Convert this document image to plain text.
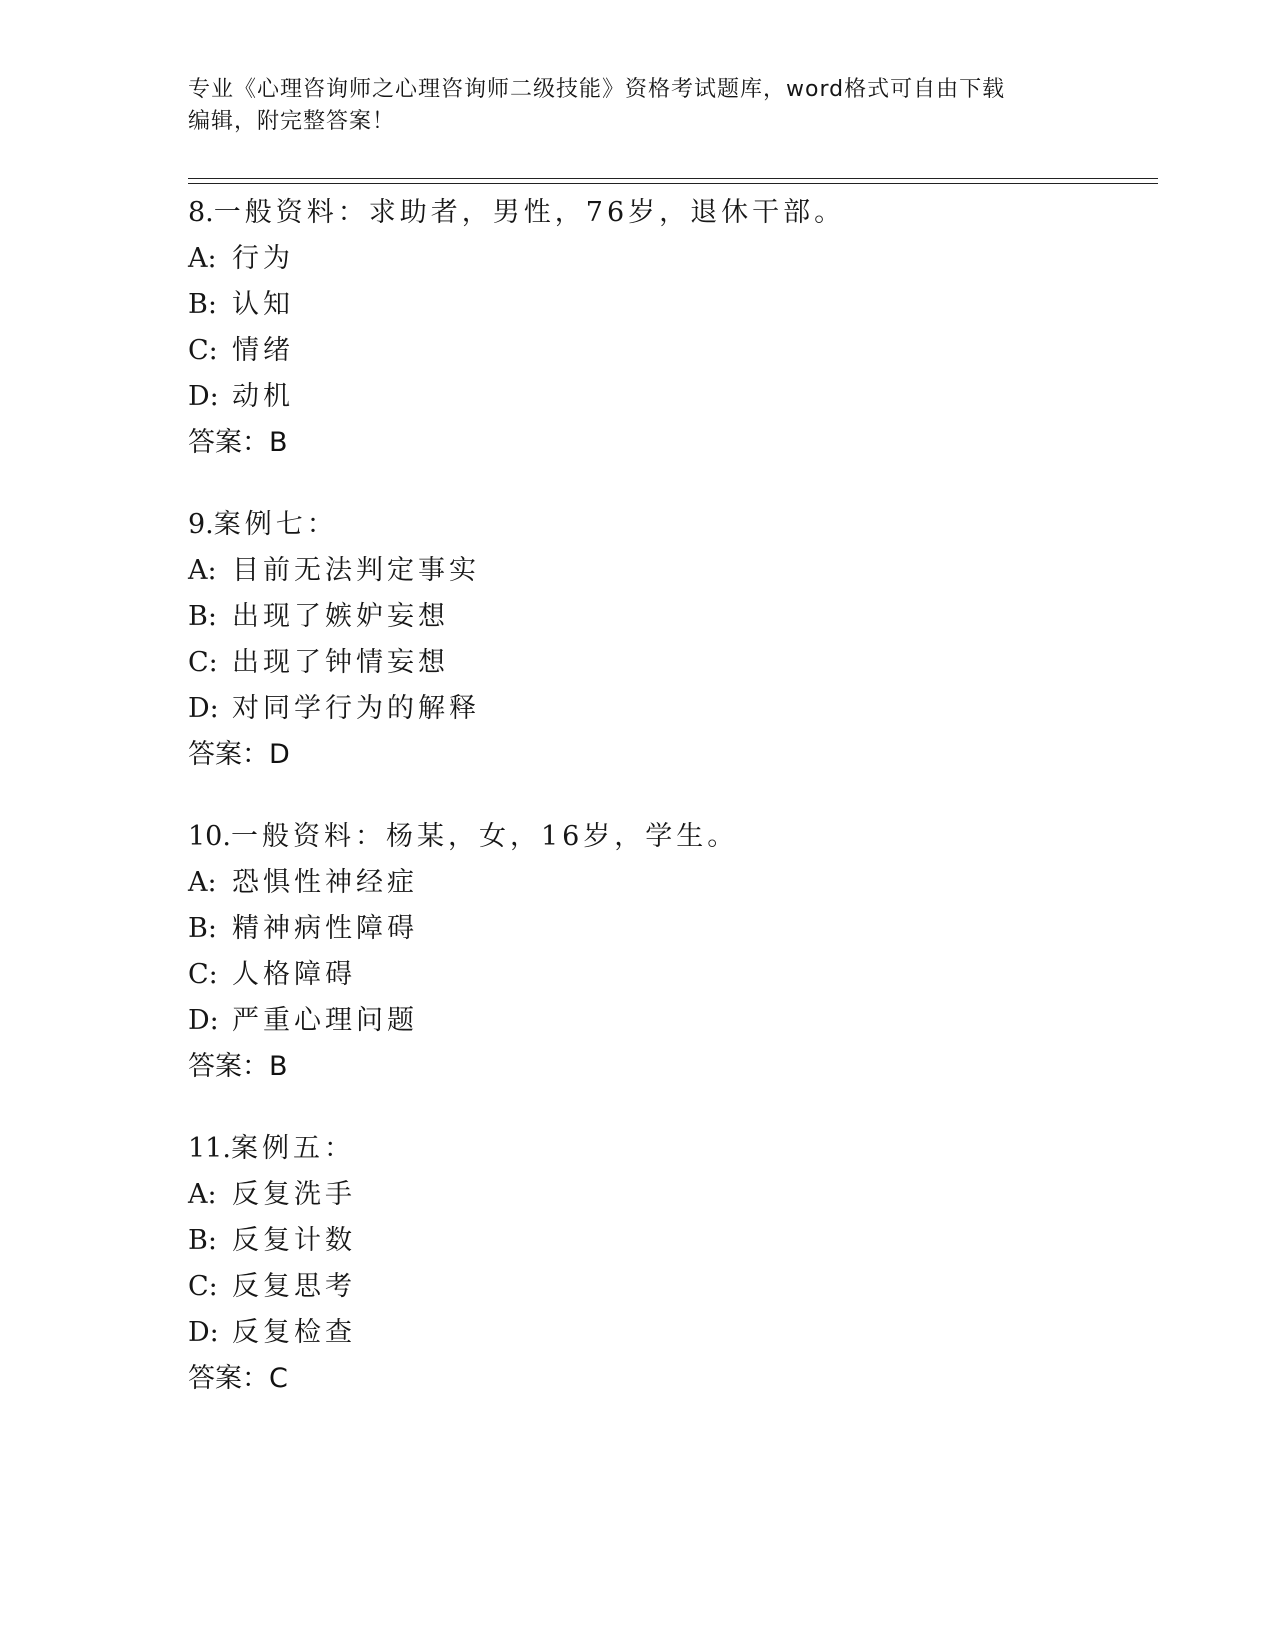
专业《心理咨询师之心理咨询师二级技能》资格考试题库，word格式可自由下载
编辑，附完整答案！
8.一般资料：求助者，男性，76岁，退休干部。
A: 行为
B: 认知
C: 情绪
D: 动机
答案：B
9.案例七：
A: 目前无法判定事实
B: 出现了嫉妒妄想
C: 出现了钟情妄想
D: 对同学行为的解释
答案：D
10.一般资料：杨某，女，16岁，学生。
A: 恐惧性神经症
B: 精神病性障碍
C: 人格障碍
D: 严重心理问题
答案：B
11.案例五：
A: 反复洗手
B: 反复计数
C: 反复思考
D: 反复检查
答案：C
